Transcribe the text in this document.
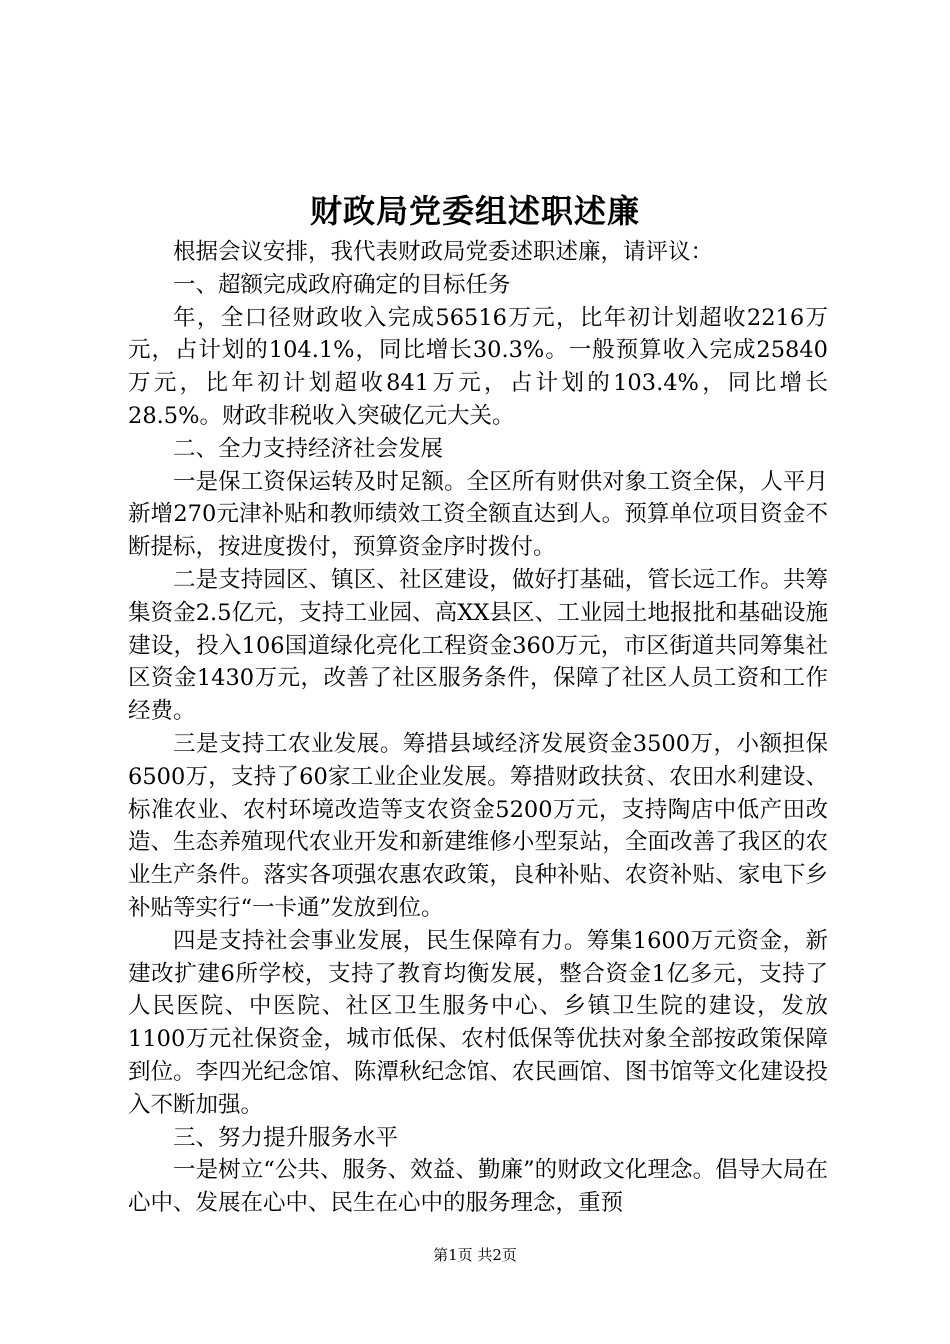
财政局党委组述职述廉

根据会议安排，我代表财政局党委述职述廉，请评议：

一、超额完成政府确定的目标任务

年，全口径财政收入完成56516万元，比年初计划超收2216万元，占计划的104.1%，同比增长30.3%。一般预算收入完成25840万元，比年初计划超收841万元，占计划的103.4%，同比增长28.5%。财政非税收入突破亿元大关。

二、全力支持经济社会发展

一是保工资保运转及时足额。全区所有财供对象工资全保，人平月新增270元津补贴和教师绩效工资全额直达到人。预算单位项目资金不断提标，按进度拨付，预算资金序时拨付。

二是支持园区、镇区、社区建设，做好打基础，管长远工作。共筹集资金2.5亿元，支持工业园、高XX县区、工业园土地报批和基础设施建设，投入106国道绿化亮化工程资金360万元，市区街道共同筹集社区资金1430万元，改善了社区服务条件，保障了社区人员工资和工作经费。

三是支持工农业发展。筹措县域经济发展资金3500万，小额担保6500万，支持了60家工业企业发展。筹措财政扶贫、农田水利建设、标准农业、农村环境改造等支农资金5200万元，支持陶店中低产田改造、生态养殖现代农业开发和新建维修小型泵站，全面改善了我区的农业生产条件。落实各项强农惠农政策，良种补贴、农资补贴、家电下乡补贴等实行“一卡通”发放到位。

四是支持社会事业发展，民生保障有力。筹集1600万元资金，新建改扩建6所学校，支持了教育均衡发展，整合资金1亿多元，支持了人民医院、中医院、社区卫生服务中心、乡镇卫生院的建设，发放1100万元社保资金，城市低保、农村低保等优扶对象全部按政策保障到位。李四光纪念馆、陈潭秋纪念馆、农民画馆、图书馆等文化建设投入不断加强。

三、努力提升服务水平

一是树立“公共、服务、效益、勤廉”的财政文化理念。倡导大局在心中、发展在心中、民生在心中的服务理念，重预

第1页 共2页
